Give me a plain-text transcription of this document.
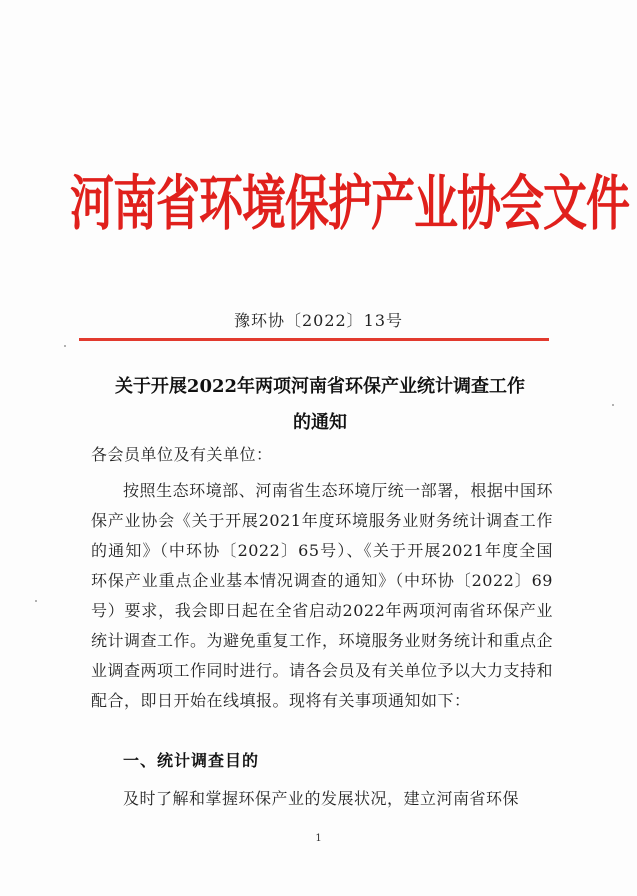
河南省环境保护产业协会文件
豫环协〔2022〕13号
关于开展2022年两项河南省环保产业统计调查工作
的通知
各会员单位及有关单位：
按照生态环境部、河南省生态环境厅统一部署，根据中国环保产业协会《关于开展2021年度环境服务业财务统计调查工作的通知》（中环协〔2022〕65号）、《关于开展2021年度全国环保产业重点企业基本情况调查的通知》（中环协〔2022〕69号）要求，我会即日起在全省启动2022年两项河南省环保产业统计调查工作。为避免重复工作，环境服务业财务统计和重点企业调查两项工作同时进行。请各会员及有关单位予以大力支持和配合，即日开始在线填报。现将有关事项通知如下：
一、统计调查目的
及时了解和掌握环保产业的发展状况，建立河南省环保
1
